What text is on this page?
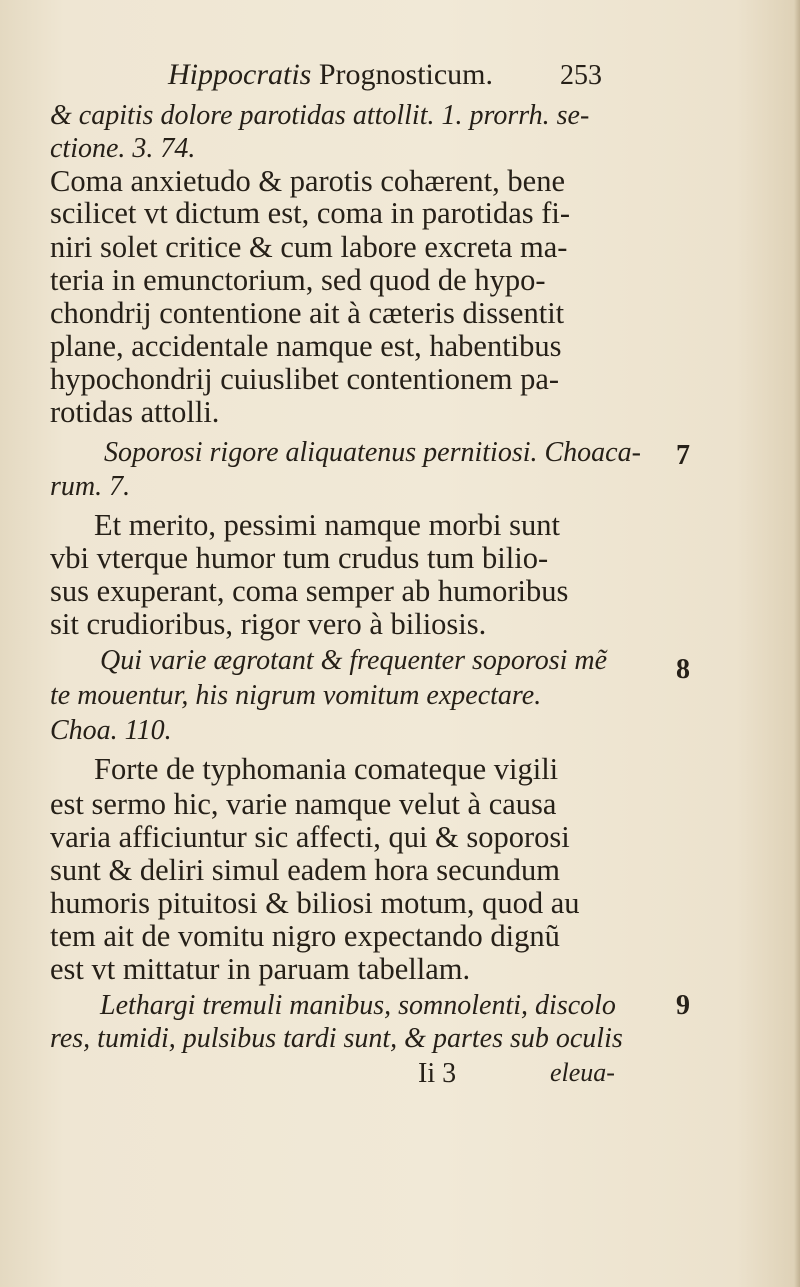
Hippocratis Prognosticum. 253
& capitis dolore parotidas attollit. 1. prorrh. se-
ctione. 3. 74.
Coma anxietudo & parotis cohærent, bene
scilicet vt dictum est, coma in parotidas fi-
niri solet critice & cum labore excreta ma-
teria in emunctorium, sed quod de hypo-
chondrij contentione ait à cæteris dissentit
plane, accidentale namque est, habentibus
hypochondrij cuiuslibet contentionem pa-
rotidas attolli.
Soporosi rigore aliquatenus pernitiosi. Choaca- 7
rum. 7.
Et merito, pessimi namque morbi sunt
vbi vterque humor tum crudus tum bilio-
sus exuperant, coma semper ab humoribus
sit crudioribus, rigor vero à biliosis.
Qui varie ægrotant & frequenter soporosi mẽ 8
te mouentur, his nigrum vomitum expectare.
Choa. 110.
Forte de typhomania comateque vigili
est sermo hic, varie namque velut à causa
varia afficiuntur sic affecti, qui & soporosi
sunt & deliri simul eadem hora secundum
humoris pituitosi & biliosi motum, quod au
tem ait de vomitu nigro expectando dignũ
est vt mittatur in paruam tabellam.
Lethargi tremuli manibus, somnolenti, discolo 9
res, tumidi, pulsibus tardi sunt, & partes sub oculis
Ii 3	eleua-
